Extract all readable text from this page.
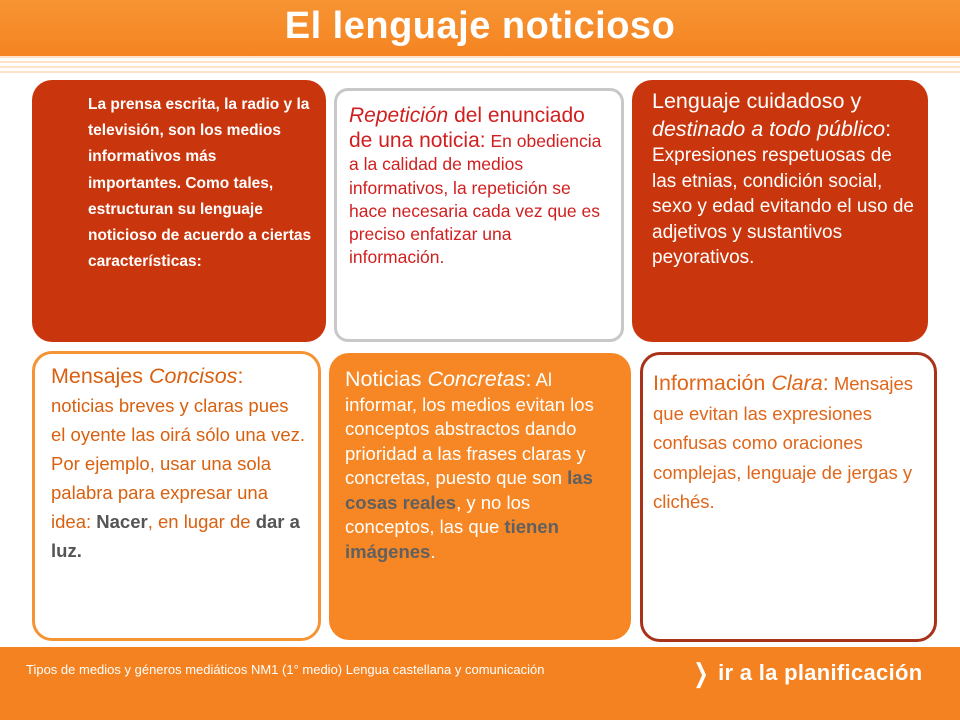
El lenguaje noticioso

La prensa escrita, la radio y la televisión, son los medios informativos más importantes. Como tales, estructuran su lenguaje noticioso de acuerdo a ciertas características:

Repetición del enunciado de una noticia: En obediencia a la calidad de medios informativos, la repetición se hace necesaria cada vez que es preciso enfatizar una información.

Lenguaje cuidadoso y destinado a todo público: Expresiones respetuosas de las etnias, condición social, sexo y edad evitando el uso de adjetivos y sustantivos peyorativos.

Mensajes Concisos: noticias breves y claras pues el oyente las oirá sólo una vez. Por ejemplo, usar una sola palabra para expresar una idea: Nacer, en lugar de dar a luz.

Noticias Concretas: Al informar, los medios evitan los conceptos abstractos dando prioridad a las frases claras y concretas, puesto que son las cosas reales, y no los conceptos, las que tienen imágenes.

Información Clara: Mensajes que evitan las expresiones confusas como oraciones complejas, lenguaje de jergas y clichés.

Tipos de medios y géneros mediáticos NM1 (1° medio) Lengua castellana y comunicación	❯ ir a la planificación
